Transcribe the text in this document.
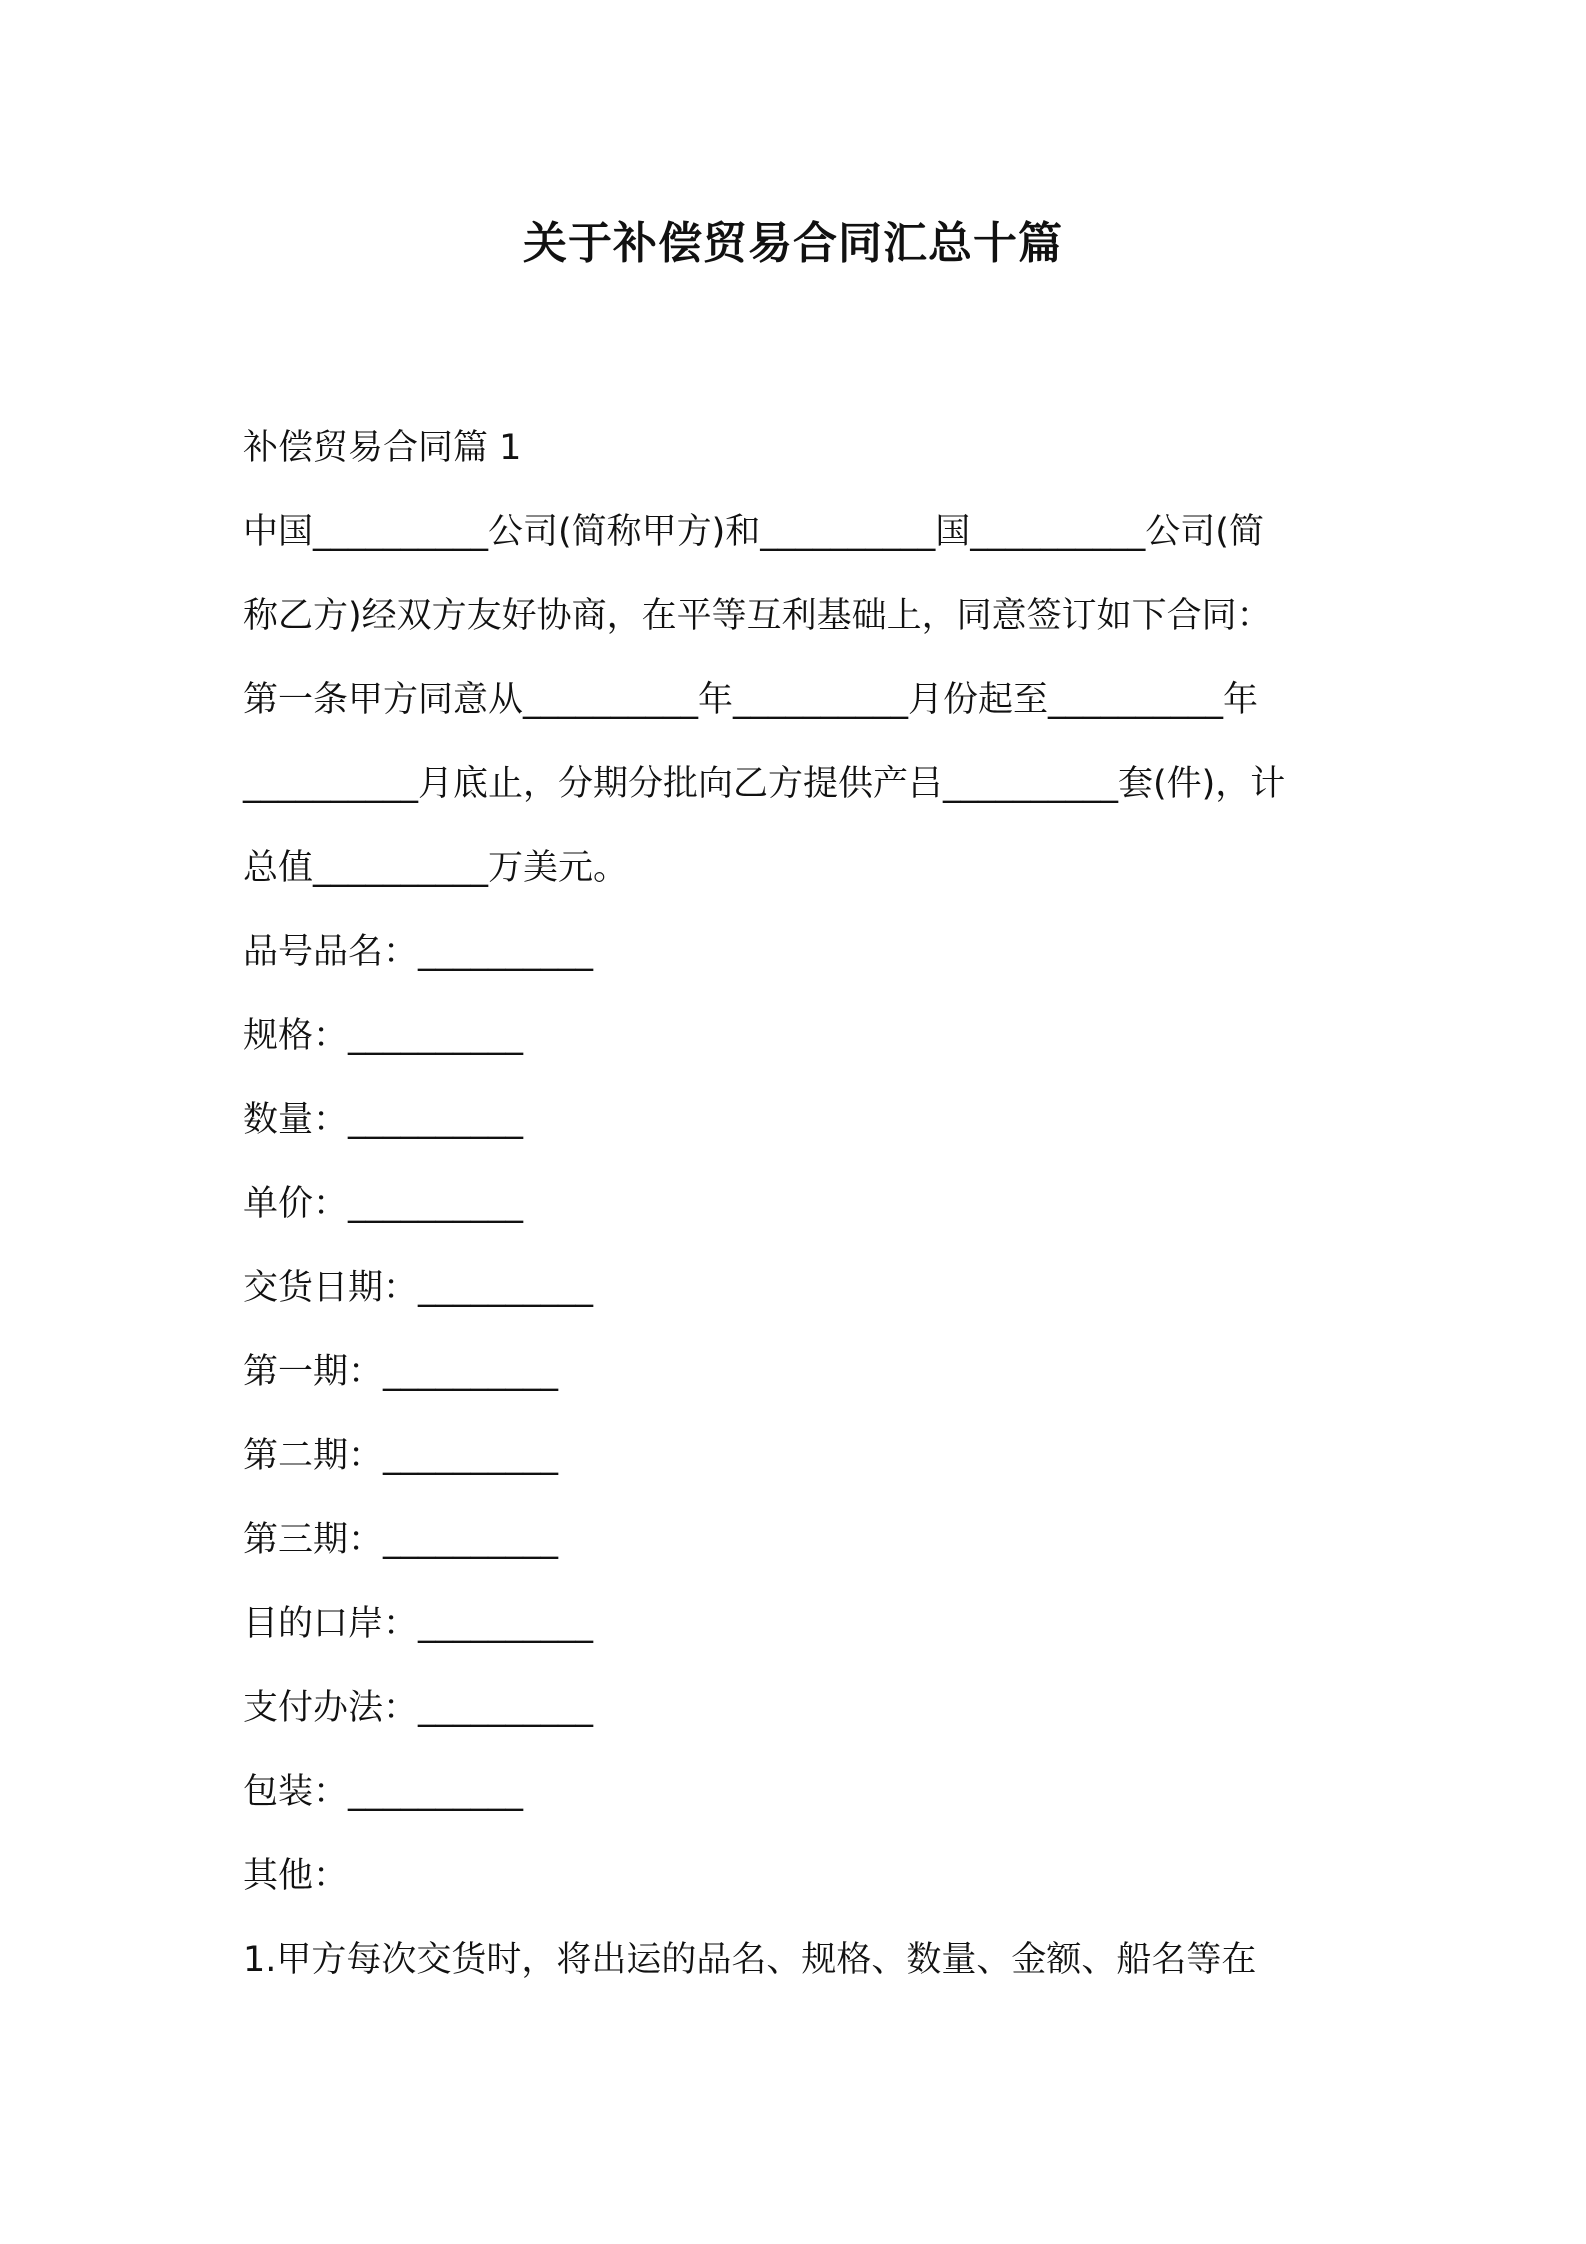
关于补偿贸易合同汇总十篇
补偿贸易合同篇 1
中国__________公司(简称甲方)和__________国__________公司(简
称乙方)经双方友好协商，在平等互利基础上，同意签订如下合同：
第一条甲方同意从__________年__________月份起至__________年
__________月底止，分期分批向乙方提供产吕__________套(件)，计
总值__________万美元。
品号品名：__________
规格：__________
数量：__________
单价：__________
交货日期：__________
第一期：__________
第二期：__________
第三期：__________
目的口岸：__________
支付办法：__________
包装：__________
其他：
1.甲方每次交货时，将出运的品名、规格、数量、金额、船名等在
